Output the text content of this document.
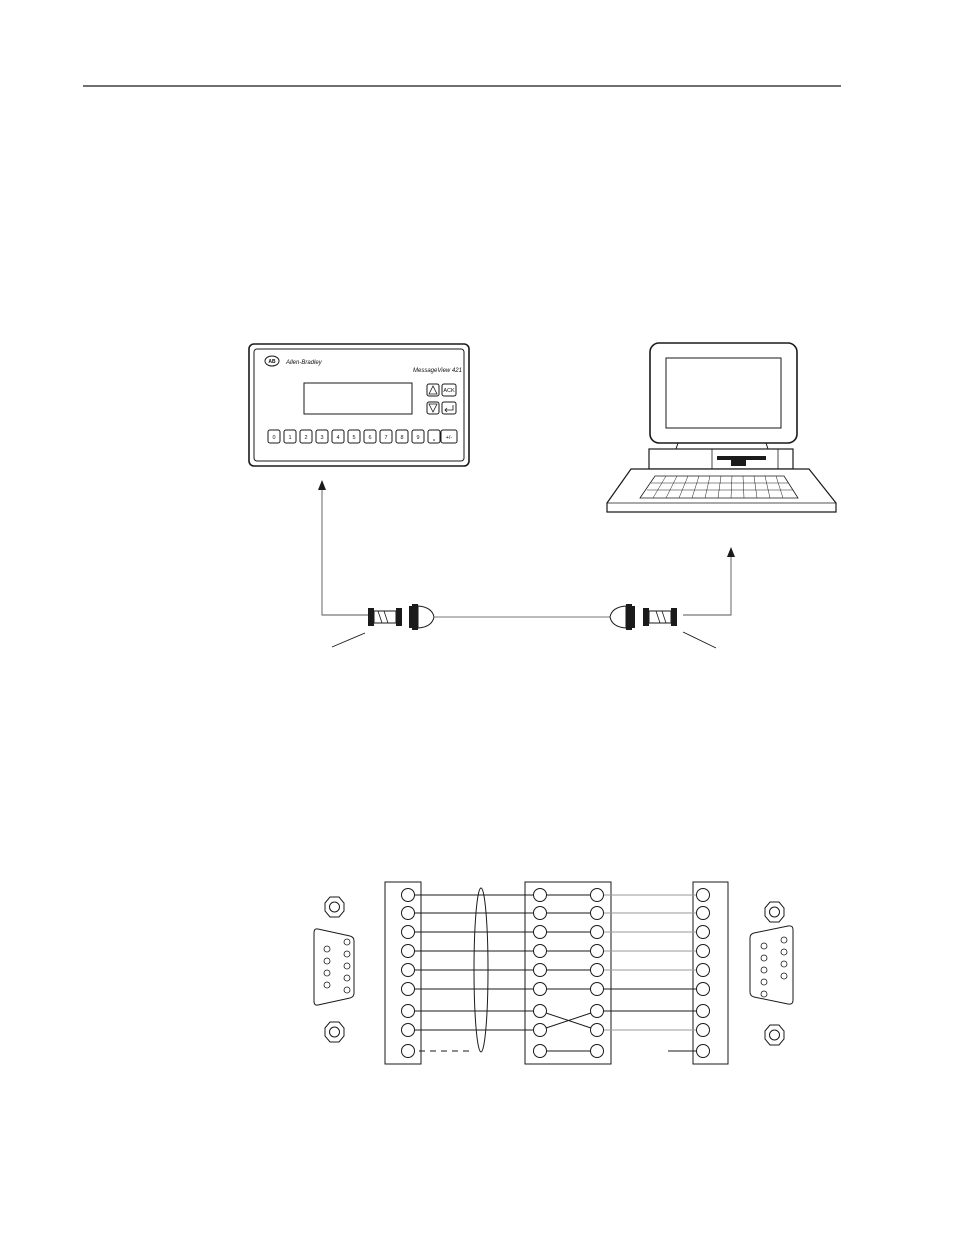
AB Allen-Bradley
MessageView 421
ACK
0 1 2 3 4 5 6 7 8 9	+/-
